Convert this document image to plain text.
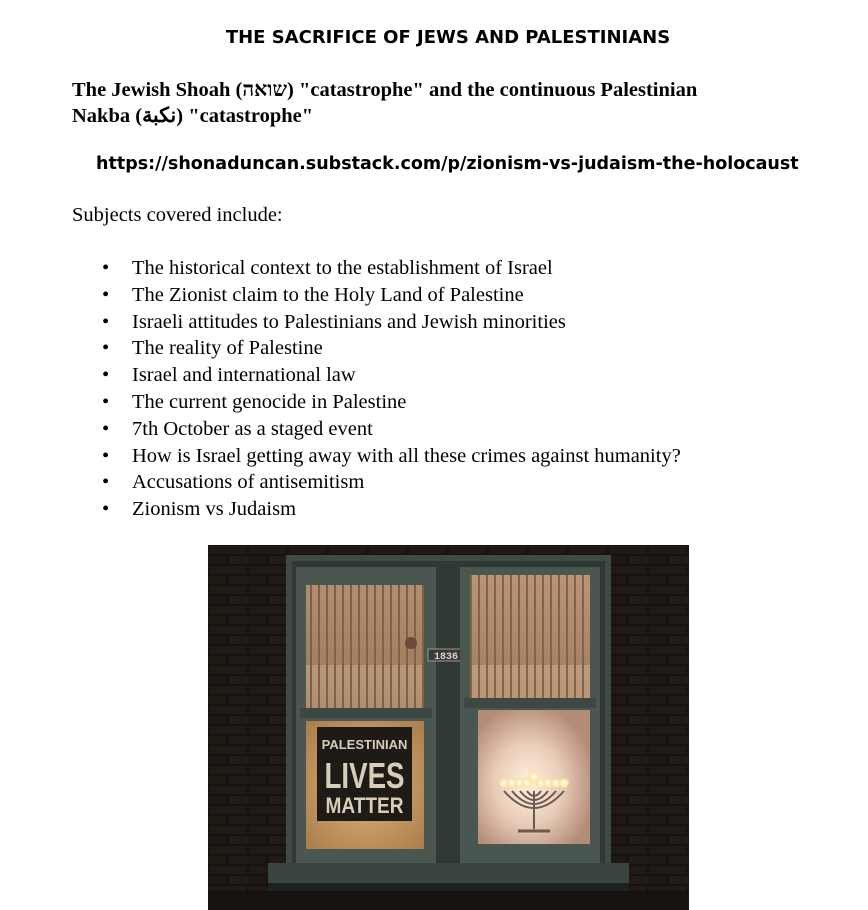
THE SACRIFICE OF JEWS AND PALESTINIANS

The Jewish Shoah (שואה) "catastrophe" and the continuous Palestinian
Nakba (نكبة) "catastrophe"

https://shonaduncan.substack.com/p/zionism-vs-judaism-the-holocaust

Subjects covered include:

• The historical context to the establishment of Israel
• The Zionist claim to the Holy Land of Palestine
• Israeli attitudes to Palestinians and Jewish minorities
• The reality of Palestine
• Israel and international law
• The current genocide in Palestine
• 7th October as a staged event
• How is Israel getting away with all these crimes against humanity?
• Accusations of antisemitism
• Zionism vs Judaism
PALESTINIAN
LIVES
MATTER
1836
